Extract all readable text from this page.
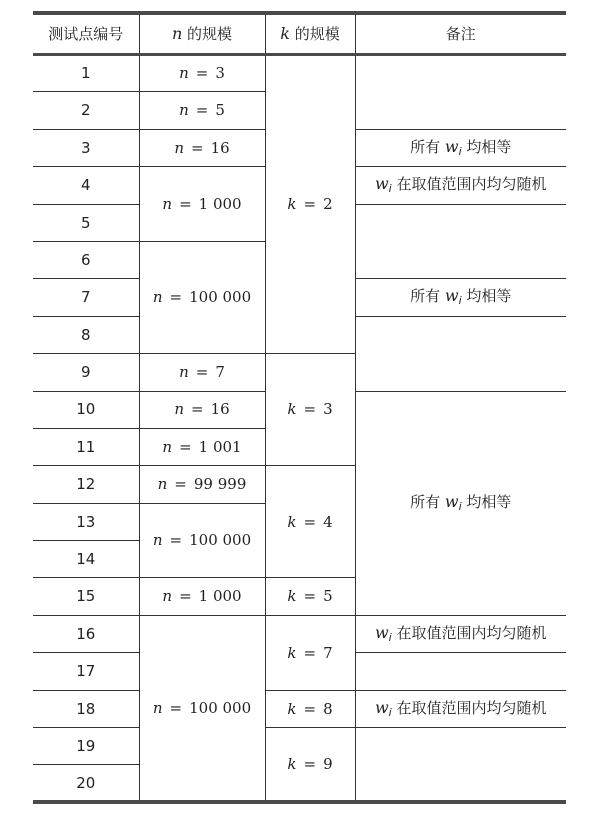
测试点编号	n 的规模	k 的规模	备注
1	n = 3	k = 2	
2	n = 5		
3	n = 16		所有 $w_i$ 均相等
4	n = 1 000		$w_i$ 在取值范围内均匀随机
5			
6	n = 100 000		
7			所有 $w_i$ 均相等
8			
9	n = 7	k = 3	
10	n = 16		所有 $w_i$ 均相等
11	n = 1 001		
12	n = 99 999	k = 4	
13	n = 100 000		
14			
15	n = 1 000	k = 5	
16	n = 100 000	k = 7	$w_i$ 在取值范围内均匀随机
17			
18		k = 8	$w_i$ 在取值范围内均匀随机
19		k = 9	
20			
